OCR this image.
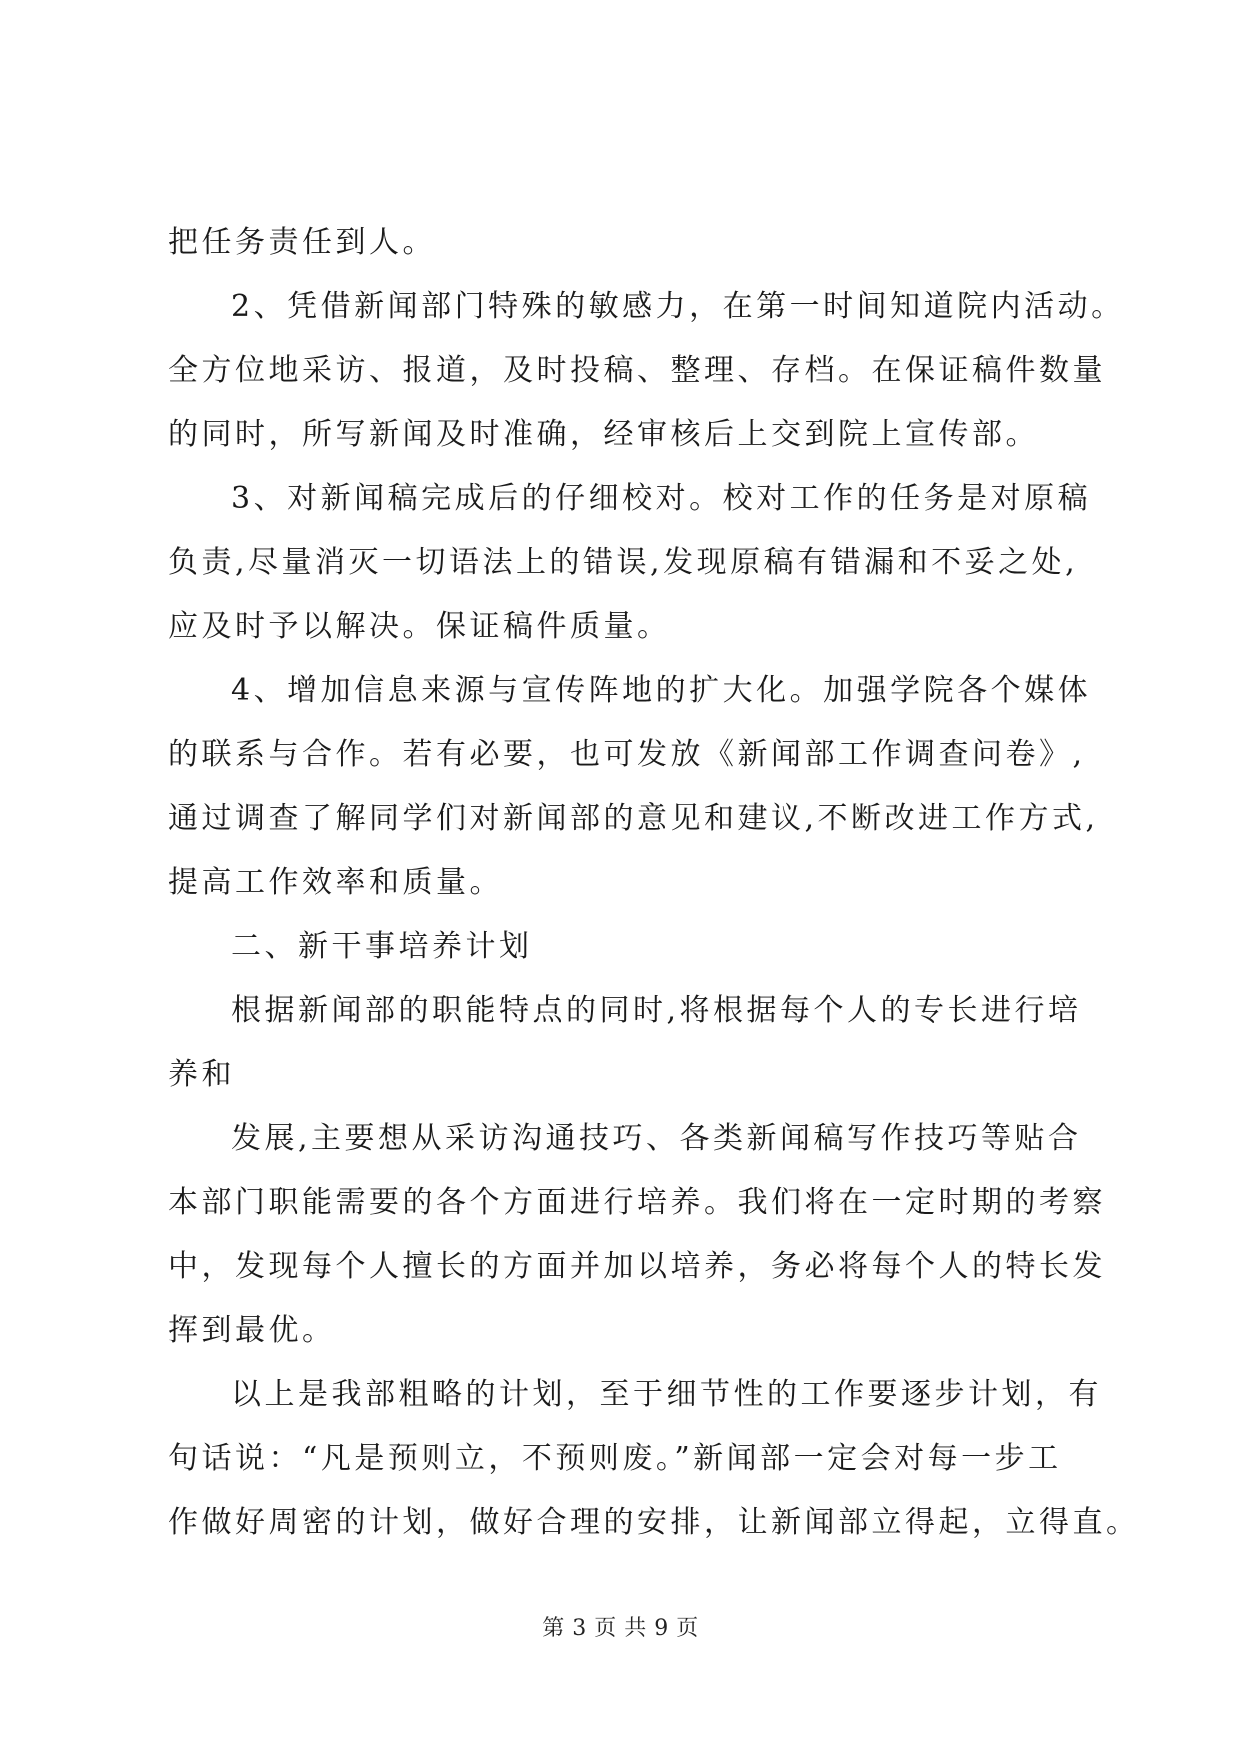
把任务责任到人。
2、凭借新闻部门特殊的敏感力，在第一时间知道院内活动。
全方位地采访、报道，及时投稿、整理、存档。在保证稿件数量
的同时，所写新闻及时准确，经审核后上交到院上宣传部。
3、对新闻稿完成后的仔细校对。校对工作的任务是对原稿
负责,尽量消灭一切语法上的错误,发现原稿有错漏和不妥之处,
应及时予以解决。保证稿件质量。
4、增加信息来源与宣传阵地的扩大化。加强学院各个媒体
的联系与合作。若有必要，也可发放《新闻部工作调查问卷》,
通过调查了解同学们对新闻部的意见和建议,不断改进工作方式,
提高工作效率和质量。
二、新干事培养计划
根据新闻部的职能特点的同时,将根据每个人的专长进行培
养和
发展,主要想从采访沟通技巧、各类新闻稿写作技巧等贴合
本部门职能需要的各个方面进行培养。我们将在一定时期的考察
中，发现每个人擅长的方面并加以培养，务必将每个人的特长发
挥到最优。
以上是我部粗略的计划，至于细节性的工作要逐步计划，有
句话说：“凡是预则立，不预则废。”新闻部一定会对每一步工
作做好周密的计划，做好合理的安排，让新闻部立得起，立得直。
第 3 页 共 9 页
